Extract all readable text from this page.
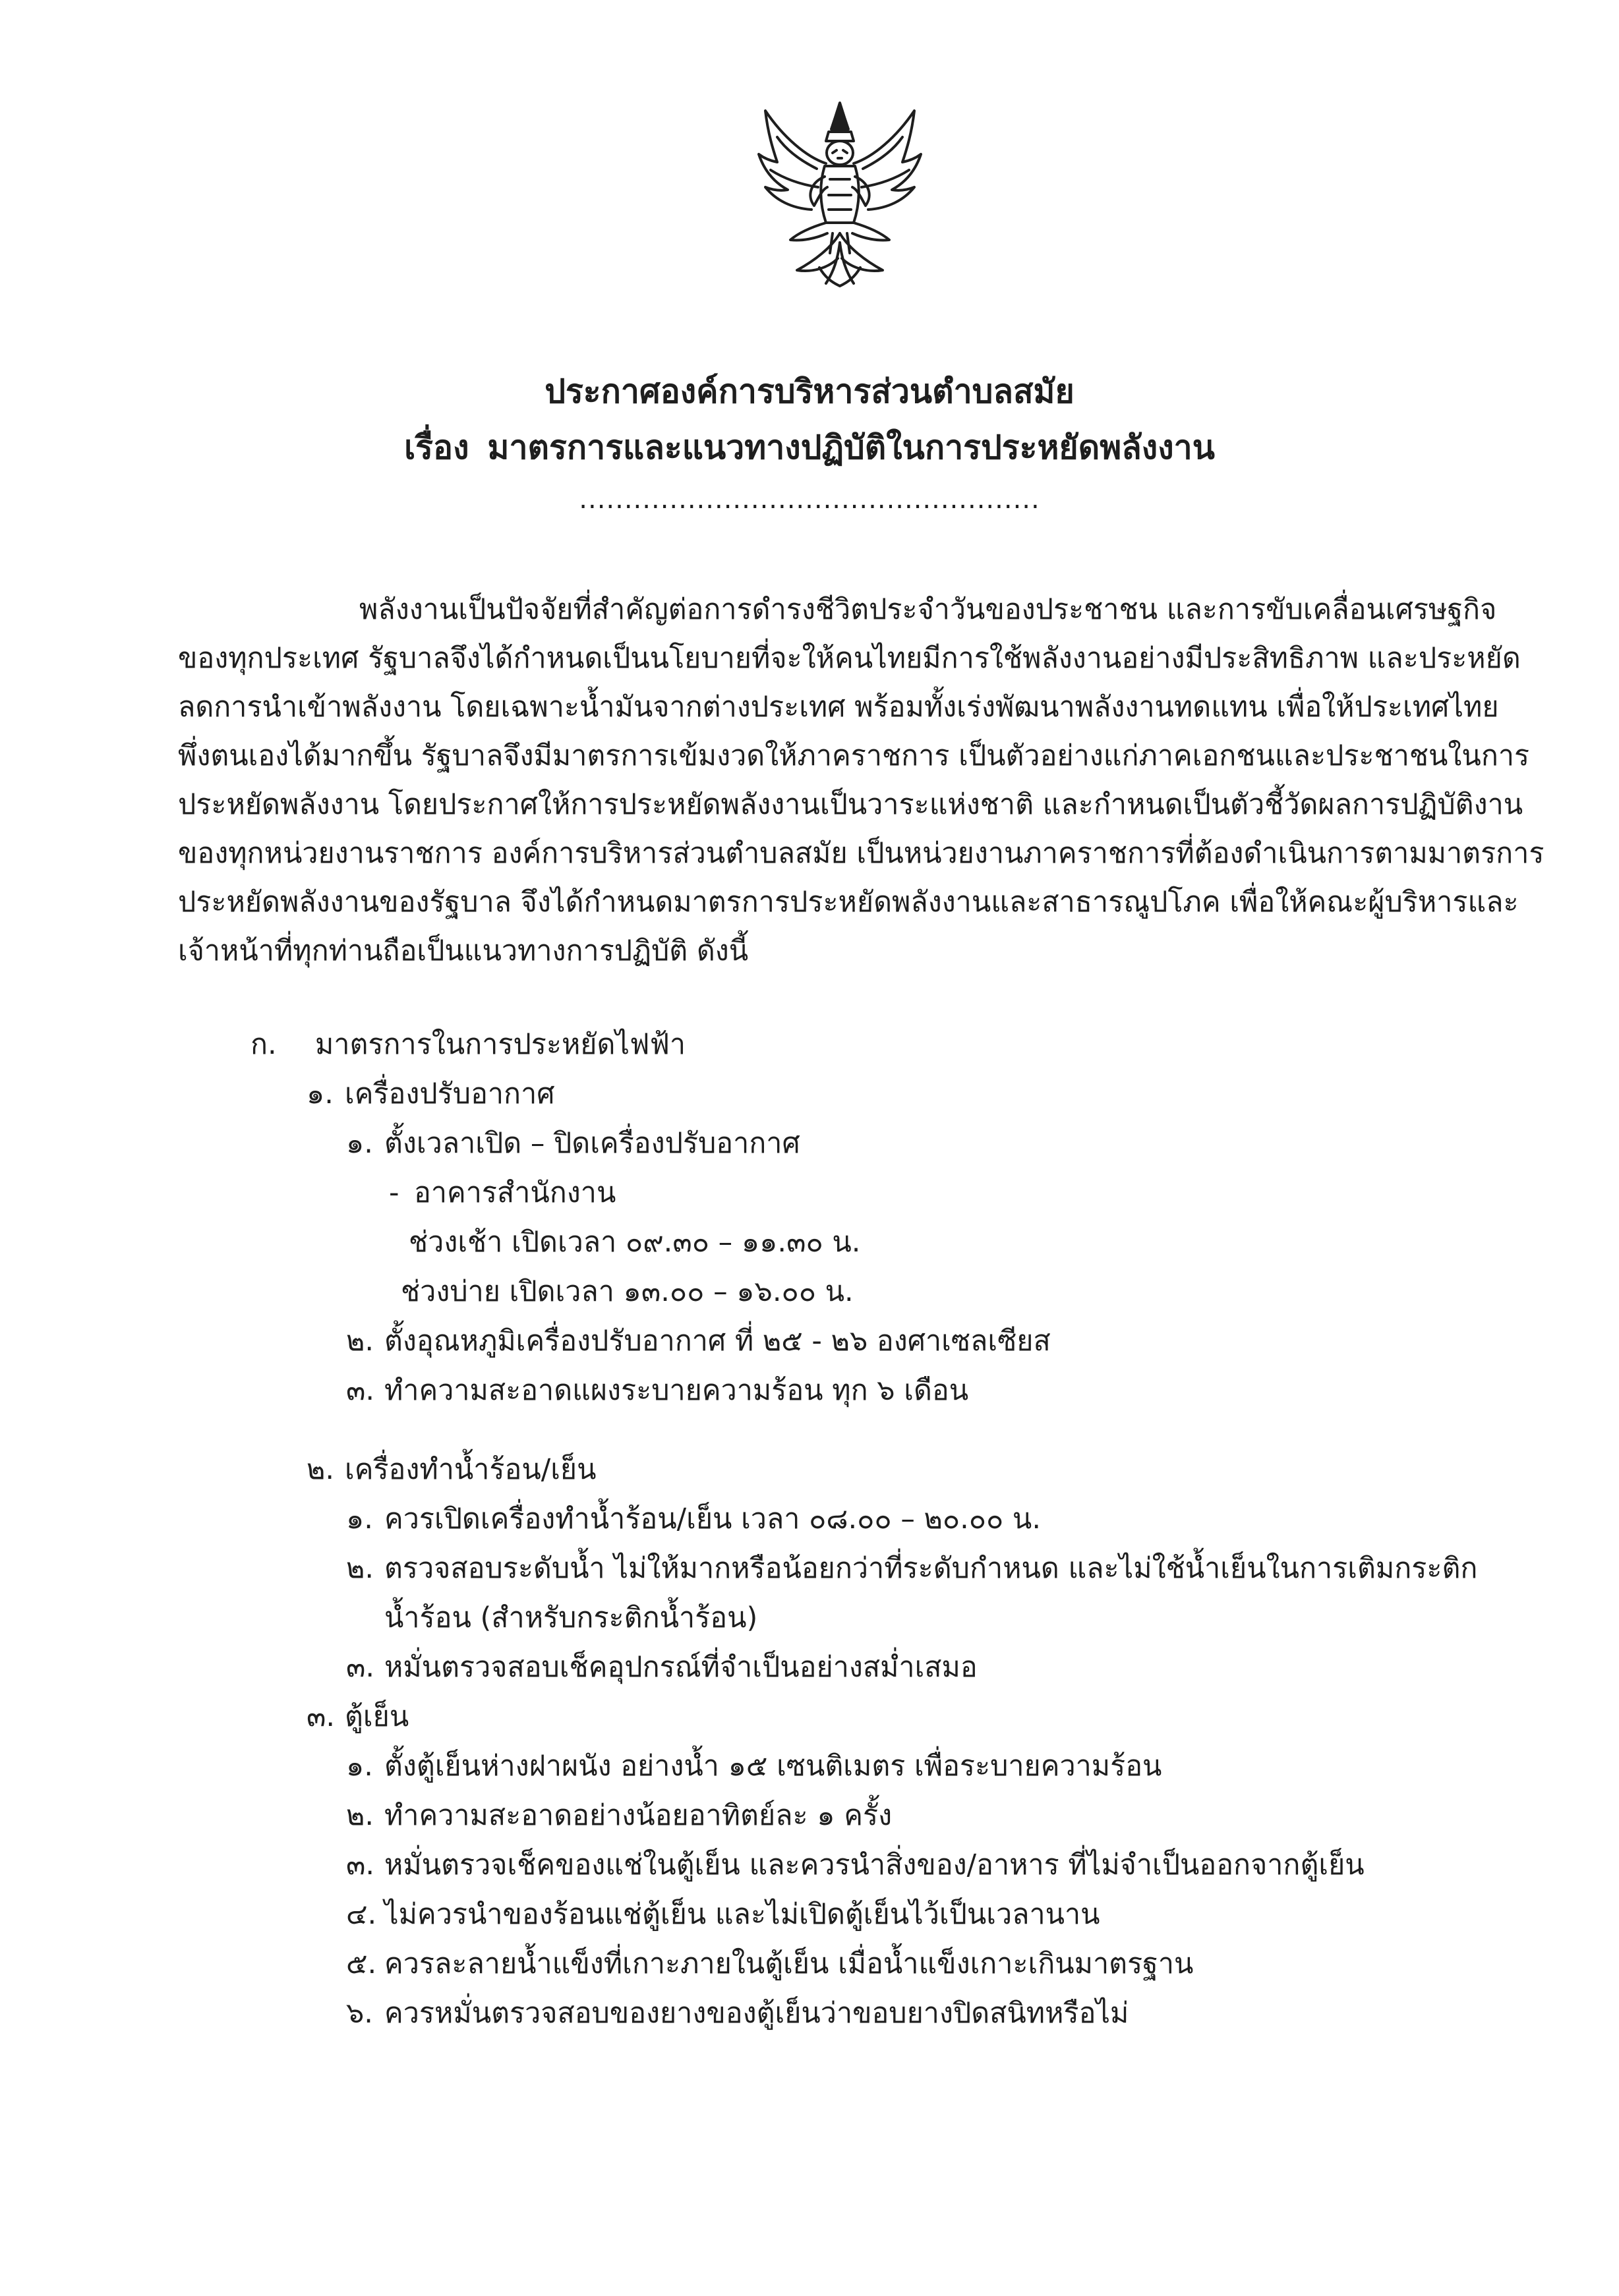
ประกาศองค์การบริหารส่วนตำบลสมัย
เรื่อง มาตรการและแนวทางปฏิบัติในการประหยัดพลังงาน
...................................................
พลังงานเป็นปัจจัยที่สำคัญต่อการดำรงชีวิตประจำวันของประชาชน และการขับเคลื่อนเศรษฐกิจ
ของทุกประเทศ รัฐบาลจึงได้กำหนดเป็นนโยบายที่จะให้คนไทยมีการใช้พลังงานอย่างมีประสิทธิภาพ และประหยัด
ลดการนำเข้าพลังงาน โดยเฉพาะน้ำมันจากต่างประเทศ พร้อมทั้งเร่งพัฒนาพลังงานทดแทน เพื่อให้ประเทศไทย
พึ่งตนเองได้มากขึ้น รัฐบาลจึงมีมาตรการเข้มงวดให้ภาคราชการ เป็นตัวอย่างแก่ภาคเอกชนและประชาชนในการ
ประหยัดพลังงาน โดยประกาศให้การประหยัดพลังงานเป็นวาระแห่งชาติ และกำหนดเป็นตัวชี้วัดผลการปฏิบัติงาน
ของทุกหน่วยงานราชการ องค์การบริหารส่วนตำบลสมัย เป็นหน่วยงานภาคราชการที่ต้องดำเนินการตามมาตรการ
ประหยัดพลังงานของรัฐบาล จึงได้กำหนดมาตรการประหยัดพลังงานและสาธารณูปโภค เพื่อให้คณะผู้บริหารและ
เจ้าหน้าที่ทุกท่านถือเป็นแนวทางการปฏิบัติ ดังนี้
ก. มาตรการในการประหยัดไฟฟ้า
๑. เครื่องปรับอากาศ
๑. ตั้งเวลาเปิด – ปิดเครื่องปรับอากาศ
- อาคารสำนักงาน
ช่วงเช้า เปิดเวลา ๐๙.๓๐ – ๑๑.๓๐ น.
ช่วงบ่าย เปิดเวลา ๑๓.๐๐ – ๑๖.๐๐ น.
๒. ตั้งอุณหภูมิเครื่องปรับอากาศ ที่ ๒๕ - ๒๖ องศาเซลเซียส
๓. ทำความสะอาดแผงระบายความร้อน ทุก ๖ เดือน
๒. เครื่องทำน้ำร้อน/เย็น
๑. ควรเปิดเครื่องทำน้ำร้อน/เย็น เวลา ๐๘.๐๐ – ๒๐.๐๐ น.
๒. ตรวจสอบระดับน้ำ ไม่ให้มากหรือน้อยกว่าที่ระดับกำหนด และไม่ใช้น้ำเย็นในการเติมกระติก
น้ำร้อน (สำหรับกระติกน้ำร้อน)
๓. หมั่นตรวจสอบเช็คอุปกรณ์ที่จำเป็นอย่างสม่ำเสมอ
๓. ตู้เย็น
๑. ตั้งตู้เย็นห่างฝาผนัง อย่างน้ำ ๑๕ เซนติเมตร เพื่อระบายความร้อน
๒. ทำความสะอาดอย่างน้อยอาทิตย์ละ ๑ ครั้ง
๓. หมั่นตรวจเช็คของแช่ในตู้เย็น และควรนำสิ่งของ/อาหาร ที่ไม่จำเป็นออกจากตู้เย็น
๔. ไม่ควรนำของร้อนแช่ตู้เย็น และไม่เปิดตู้เย็นไว้เป็นเวลานาน
๕. ควรละลายน้ำแข็งที่เกาะภายในตู้เย็น เมื่อน้ำแข็งเกาะเกินมาตรฐาน
๖. ควรหมั่นตรวจสอบของยางของตู้เย็นว่าขอบยางปิดสนิทหรือไม่
